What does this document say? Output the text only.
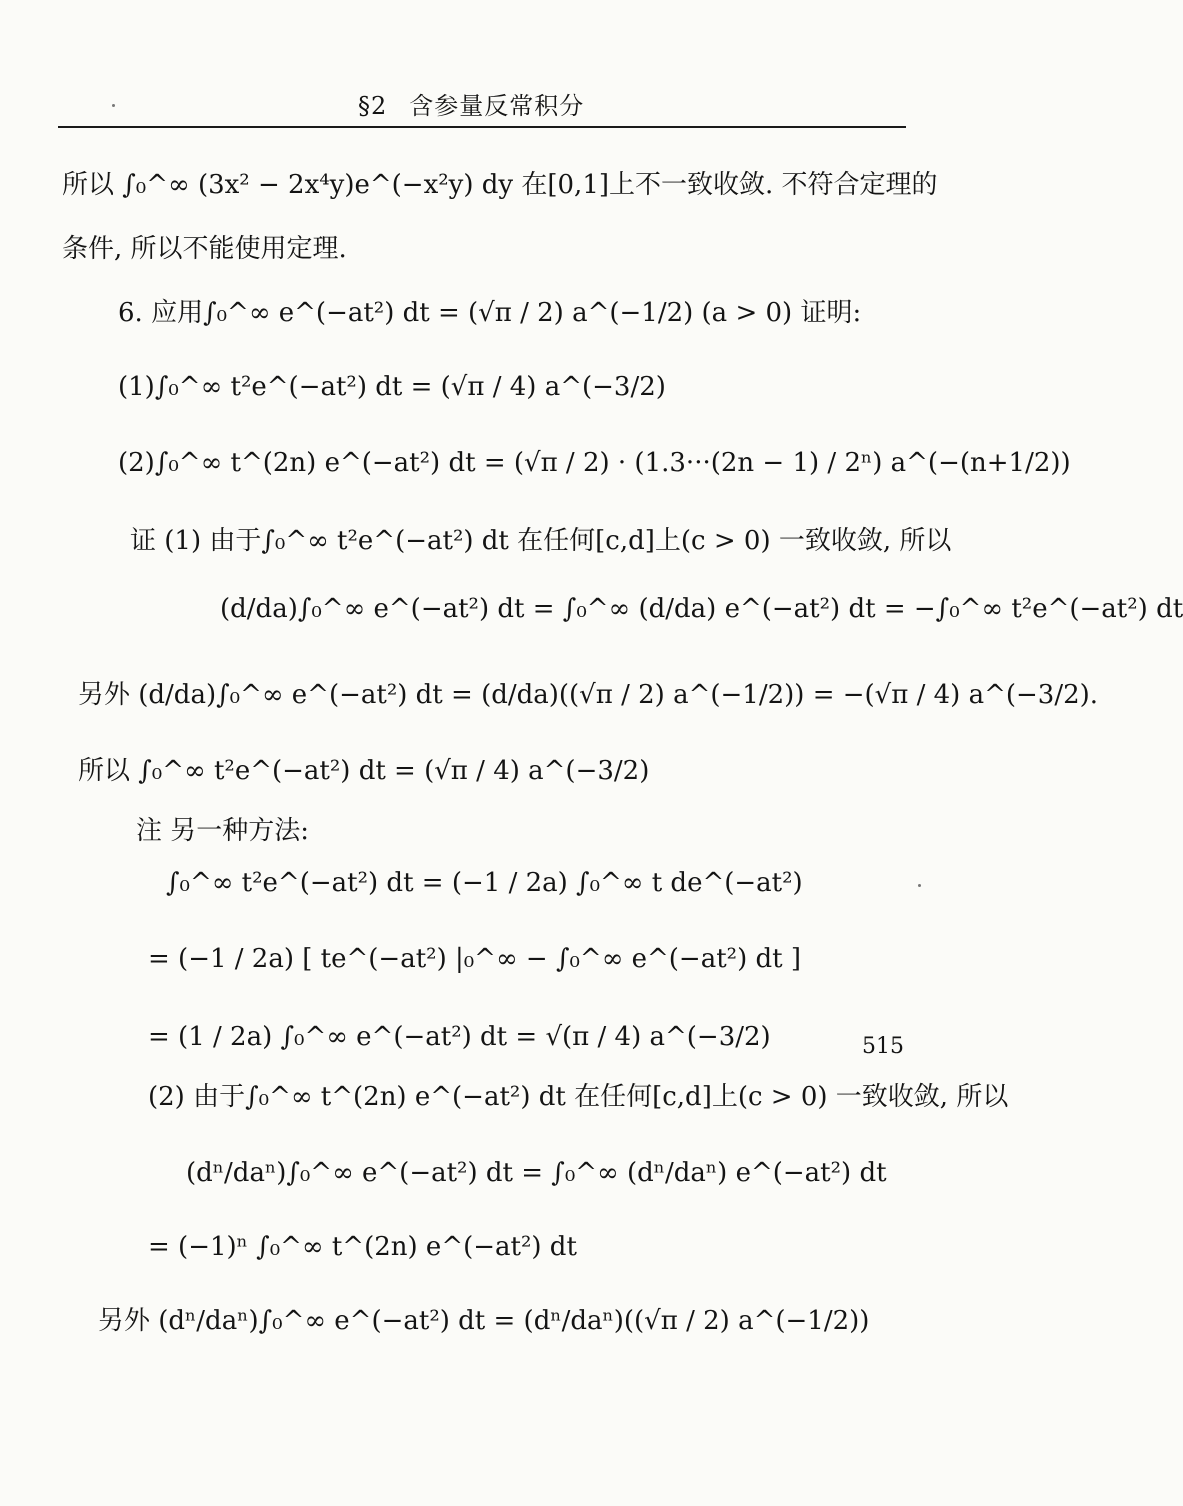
§2 含参量反常积分
所以 ∫₀^∞ (3x² − 2x⁴y)e^(−x²y) dy 在[0,1]上不一致收敛. 不符合定理的
条件, 所以不能使用定理.
6. 应用∫₀^∞ e^(−at²) dt = (√π / 2) a^(−1/2) (a > 0) 证明:
(1)∫₀^∞ t²e^(−at²) dt = (√π / 4) a^(−3/2)
(2)∫₀^∞ t^(2n) e^(−at²) dt = (√π / 2) · (1.3···(2n − 1) / 2ⁿ) a^(−(n+1/2))
证 (1) 由于∫₀^∞ t²e^(−at²) dt 在任何[c,d]上(c > 0) 一致收敛, 所以
(d/da)∫₀^∞ e^(−at²) dt = ∫₀^∞ (d/da) e^(−at²) dt = −∫₀^∞ t²e^(−at²) dt
另外 (d/da)∫₀^∞ e^(−at²) dt = (d/da)((√π / 2) a^(−1/2)) = −(√π / 4) a^(−3/2).
所以 ∫₀^∞ t²e^(−at²) dt = (√π / 4) a^(−3/2)
注 另一种方法:
∫₀^∞ t²e^(−at²) dt = (−1 / 2a) ∫₀^∞ t de^(−at²)
= (−1 / 2a) [ te^(−at²) |₀^∞ − ∫₀^∞ e^(−at²) dt ]
= (1 / 2a) ∫₀^∞ e^(−at²) dt = √(π / 4) a^(−3/2)
(2) 由于∫₀^∞ t^(2n) e^(−at²) dt 在任何[c,d]上(c > 0) 一致收敛, 所以
(dⁿ/daⁿ)∫₀^∞ e^(−at²) dt = ∫₀^∞ (dⁿ/daⁿ) e^(−at²) dt
= (−1)ⁿ ∫₀^∞ t^(2n) e^(−at²) dt
另外 (dⁿ/daⁿ)∫₀^∞ e^(−at²) dt = (dⁿ/daⁿ)((√π / 2) a^(−1/2))
515
